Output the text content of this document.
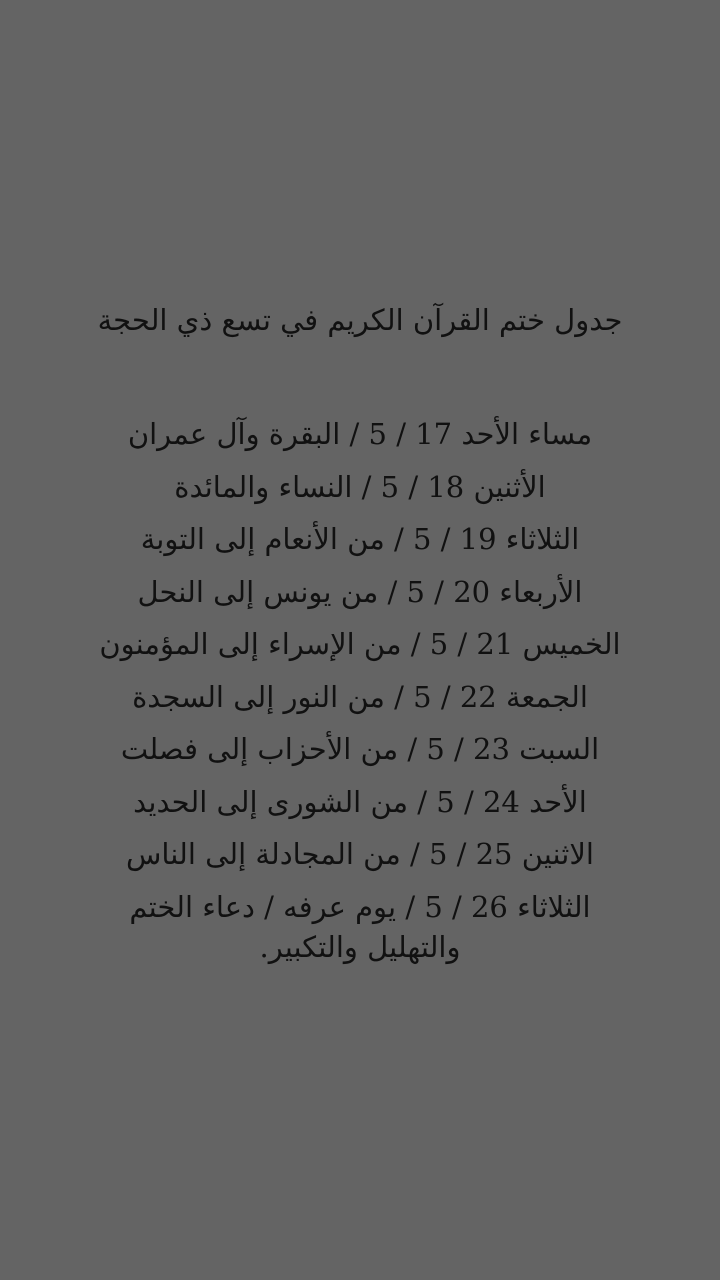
جدول ختم القرآن الكريم في تسع ذي الحجة
مساء الأحد 17 / 5 / البقرة وآل عمران
الأثنين 18 / 5 / النساء والمائدة
الثلاثاء 19 / 5 / من الأنعام إلى التوبة
الأربعاء 20 / 5 / من يونس إلى النحل
الخميس 21 / 5 / من الإسراء إلى المؤمنون
الجمعة 22 / 5 / من النور إلى السجدة
السبت 23 / 5 / من الأحزاب إلى فصلت
الأحد 24 / 5 / من الشورى إلى الحديد
الاثنين 25 / 5 / من المجادلة إلى الناس
الثلاثاء 26 / 5 / يوم عرفه / دعاء الختم
والتهليل والتكبير.
